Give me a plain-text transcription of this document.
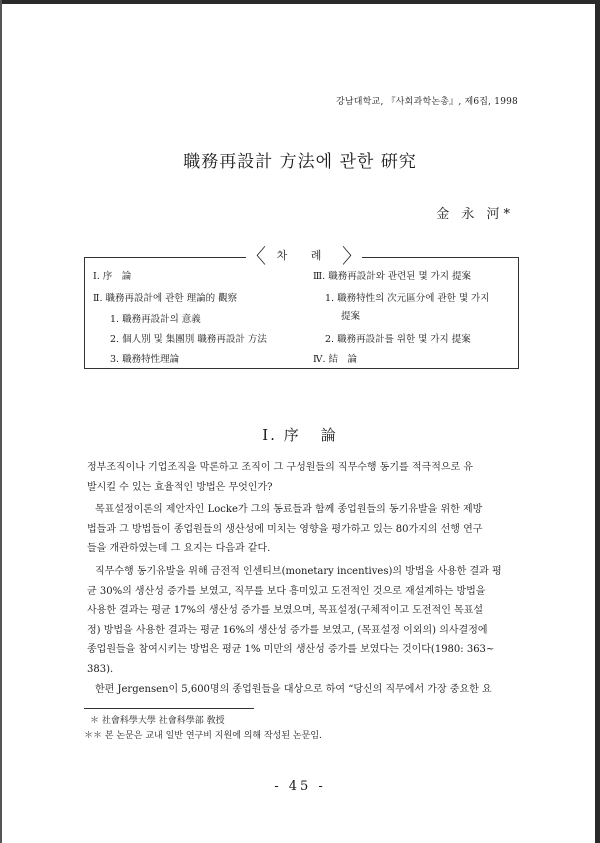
강남대학교, 『사회과학논총』, 제6집, 1998
職務再設計 方法에 관한 硏究
金 永 河*
Ⅰ. 序　論
Ⅱ. 職務再設計에 관한 理論的 觀察
1. 職務再設計의 意義
2. 個人別 및 集團別 職務再設計 方法
3. 職務特性理論
Ⅲ. 職務再設計와 관련된 몇 가지 提案
1. 職務特性의 次元區分에 관한 몇 가지
提案
2. 職務再設計를 위한 몇 가지 提案
Ⅳ. 結　論
〈 차 례 〉
Ⅰ. 序 論
정부조직이나 기업조직을 막론하고 조직이 그 구성원들의 직무수행 동기를 적극적으로 유
발시킬 수 있는 효율적인 방법은 무엇인가?
목표설정이론의 제안자인 Locke가 그의 동료들과 함께 종업원들의 동기유발을 위한 제방
법들과 그 방법들이 종업원들의 생산성에 미치는 영향을 평가하고 있는 80가지의 선행 연구
들을 개관하였는데 그 요지는 다음과 같다.
직무수행 동기유발을 위해 금전적 인센티브(monetary incentives)의 방법을 사용한 결과 평
균 30%의 생산성 증가를 보였고, 직무를 보다 흥미있고 도전적인 것으로 재설계하는 방법을
사용한 결과는 평균 17%의 생산성 증가를 보였으며, 목표설정(구체적이고 도전적인 목표설
정) 방법을 사용한 결과는 평균 16%의 생산성 증가를 보였고, (목표설정 이외의) 의사결정에
종업원들을 참여시키는 방법은 평균 1% 미만의 생산성 증가를 보였다는 것이다(1980: 363~
383).
한편 Jergensen이 5,600명의 종업원들을 대상으로 하여 “당신의 직무에서 가장 중요한 요
＊ 社會科學大學 社會科學部 敎授
＊＊ 본 논문은 교내 일반 연구비 지원에 의해 작성된 논문임.
- 45 -
